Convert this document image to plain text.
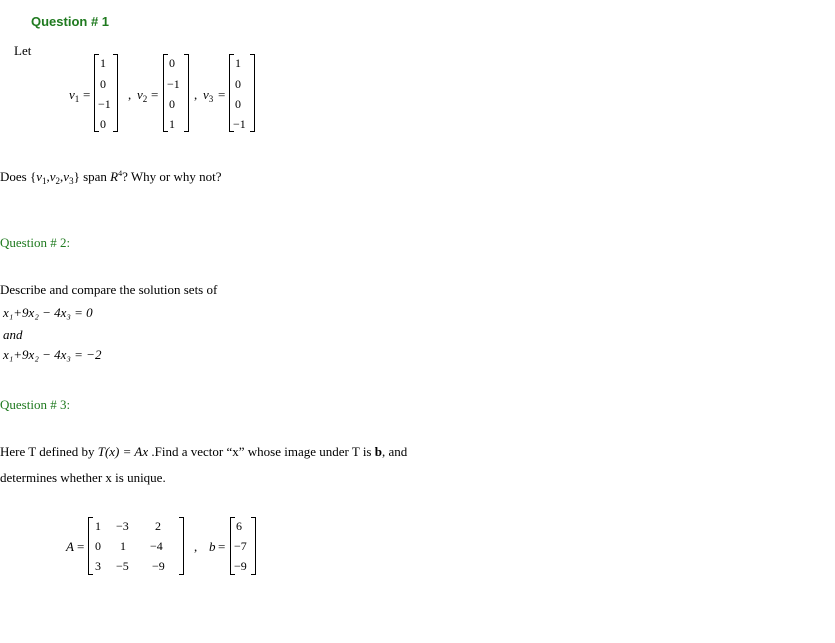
Question # 1
Let
$v_1$ =
1
0
−1
0
, $v_2$ =
0
−1
0
1
, $v_3$ =
1
0
0
−1
Does $\{v_1,v_2,v_3\}$ span $R^4$? Why or why not?
Question # 2:
Describe and compare the solution sets of
x₁+9x₂ − 4x₃ = 0
and
x₁+9x₂ − 4x₃ = −2
Question # 3:
Here T defined by T(x) = Ax .Find a vector “x” whose image under T is b, and
determines whether x is unique.
A =
1 −3 2
0 1 −4
3 −5 −9
, b =
6
−7
−9
